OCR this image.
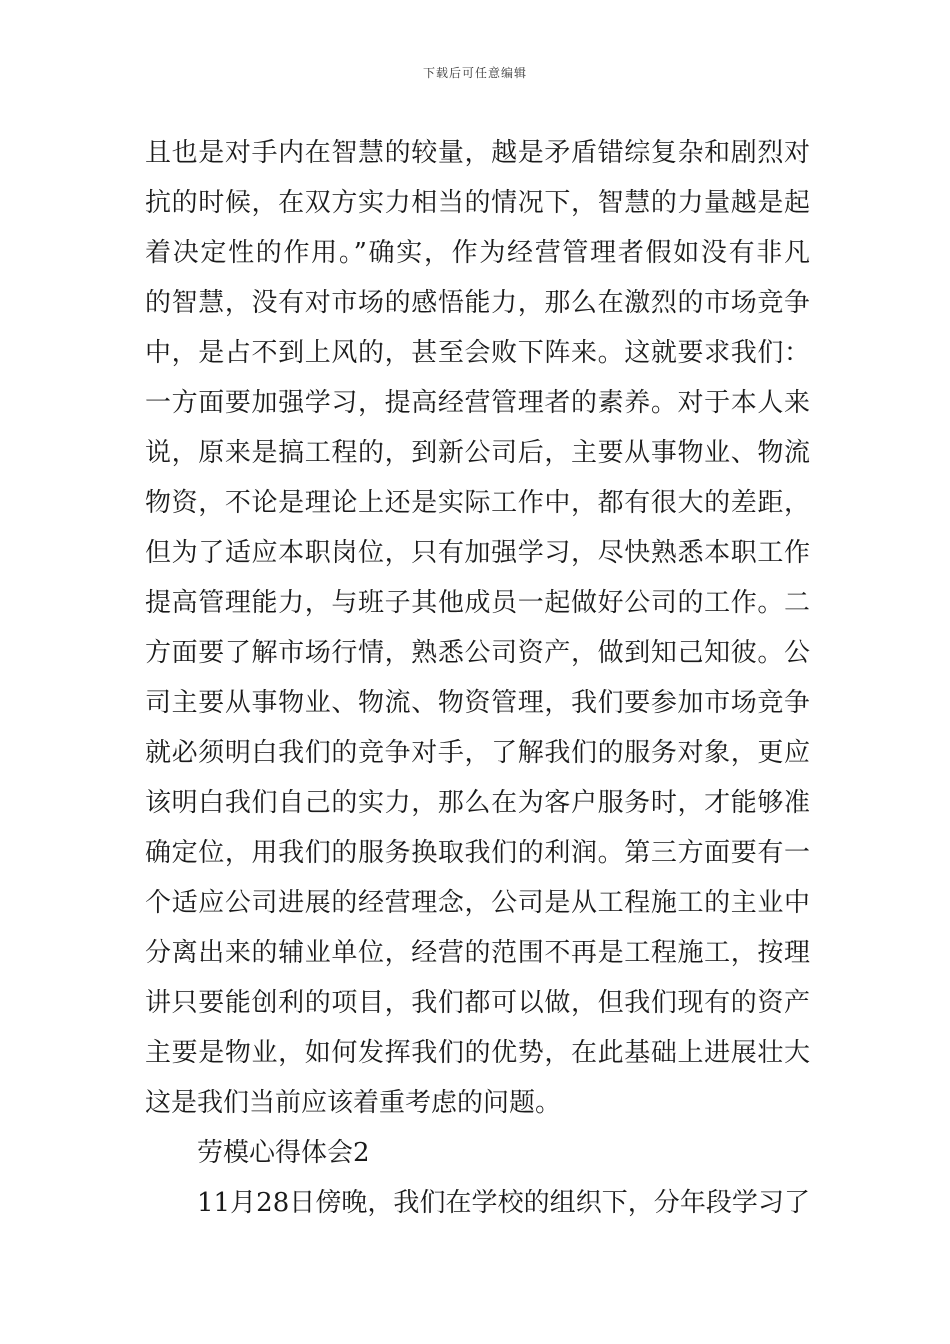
下载后可任意编辑
且也是对手内在智慧的较量，越是矛盾错综复杂和剧烈对
抗的时候，在双方实力相当的情况下，智慧的力量越是起
着决定性的作用。”确实，作为经营管理者假如没有非凡
的智慧，没有对市场的感悟能力，那么在激烈的市场竞争
中，是占不到上风的，甚至会败下阵来。这就要求我们：
一方面要加强学习，提高经营管理者的素养。对于本人来
说，原来是搞工程的，到新公司后，主要从事物业、物流
物资，不论是理论上还是实际工作中，都有很大的差距，
但为了适应本职岗位，只有加强学习，尽快熟悉本职工作
提高管理能力，与班子其他成员一起做好公司的工作。二
方面要了解市场行情，熟悉公司资产，做到知己知彼。公
司主要从事物业、物流、物资管理，我们要参加市场竞争
就必须明白我们的竞争对手，了解我们的服务对象，更应
该明白我们自己的实力，那么在为客户服务时，才能够准
确定位，用我们的服务换取我们的利润。第三方面要有一
个适应公司进展的经营理念，公司是从工程施工的主业中
分离出来的辅业单位，经营的范围不再是工程施工，按理
讲只要能创利的项目，我们都可以做，但我们现有的资产
主要是物业，如何发挥我们的优势，在此基础上进展壮大
这是我们当前应该着重考虑的问题。
劳模心得体会2
11月28日傍晚，我们在学校的组织下，分年段学习了
